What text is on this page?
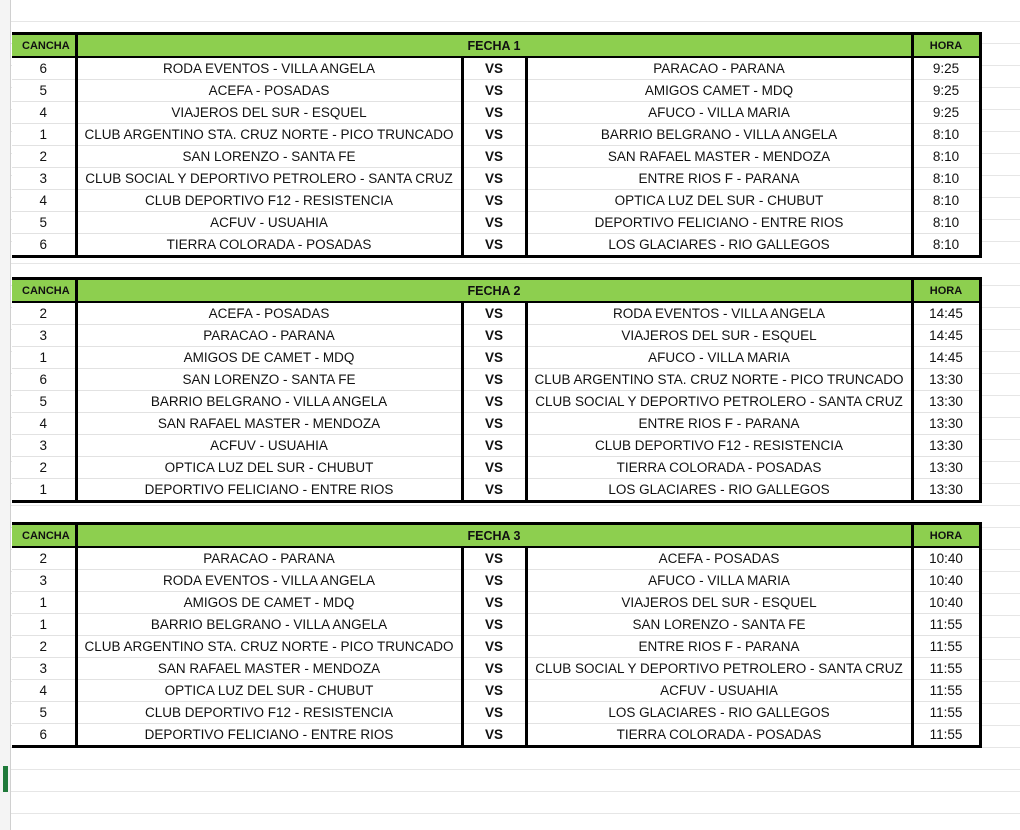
CANCHA	FECHA 1			HORA
6	RODA EVENTOS - VILLA ANGELA	VS	PARACAO - PARANA	9:25
5	ACEFA - POSADAS	VS	AMIGOS CAMET - MDQ	9:25
4	VIAJEROS DEL SUR - ESQUEL	VS	AFUCO - VILLA MARIA	9:25
1	CLUB ARGENTINO STA. CRUZ NORTE - PICO TRUNCADO	VS	BARRIO BELGRANO - VILLA ANGELA	8:10
2	SAN LORENZO - SANTA FE	VS	SAN RAFAEL MASTER - MENDOZA	8:10
3	CLUB SOCIAL Y DEPORTIVO PETROLERO - SANTA CRUZ	VS	ENTRE RIOS F - PARANA	8:10
4	CLUB DEPORTIVO F12 - RESISTENCIA	VS	OPTICA LUZ DEL SUR - CHUBUT	8:10
5	ACFUV - USUAHIA	VS	DEPORTIVO FELICIANO - ENTRE RIOS	8:10
6	TIERRA COLORADA - POSADAS	VS	LOS GLACIARES - RIO GALLEGOS	8:10
CANCHA	FECHA 2			HORA
2	ACEFA - POSADAS	VS	RODA EVENTOS - VILLA ANGELA	14:45
3	PARACAO - PARANA	VS	VIAJEROS DEL SUR - ESQUEL	14:45
1	AMIGOS DE CAMET - MDQ	VS	AFUCO - VILLA MARIA	14:45
6	SAN LORENZO - SANTA FE	VS	CLUB ARGENTINO STA. CRUZ NORTE - PICO TRUNCADO	13:30
5	BARRIO BELGRANO - VILLA ANGELA	VS	CLUB SOCIAL Y DEPORTIVO PETROLERO - SANTA CRUZ	13:30
4	SAN RAFAEL MASTER - MENDOZA	VS	ENTRE RIOS F - PARANA	13:30
3	ACFUV - USUAHIA	VS	CLUB DEPORTIVO F12 - RESISTENCIA	13:30
2	OPTICA LUZ DEL SUR - CHUBUT	VS	TIERRA COLORADA - POSADAS	13:30
1	DEPORTIVO FELICIANO - ENTRE RIOS	VS	LOS GLACIARES - RIO GALLEGOS	13:30
CANCHA	FECHA 3			HORA
2	PARACAO - PARANA	VS	ACEFA - POSADAS	10:40
3	RODA EVENTOS - VILLA ANGELA	VS	AFUCO - VILLA MARIA	10:40
1	AMIGOS DE CAMET - MDQ	VS	VIAJEROS DEL SUR - ESQUEL	10:40
1	BARRIO BELGRANO - VILLA ANGELA	VS	SAN LORENZO - SANTA FE	11:55
2	CLUB ARGENTINO STA. CRUZ NORTE - PICO TRUNCADO	VS	ENTRE RIOS F - PARANA	11:55
3	SAN RAFAEL MASTER - MENDOZA	VS	CLUB SOCIAL Y DEPORTIVO PETROLERO - SANTA CRUZ	11:55
4	OPTICA LUZ DEL SUR - CHUBUT	VS	ACFUV - USUAHIA	11:55
5	CLUB DEPORTIVO F12 - RESISTENCIA	VS	LOS GLACIARES - RIO GALLEGOS	11:55
6	DEPORTIVO FELICIANO - ENTRE RIOS	VS	TIERRA COLORADA - POSADAS	11:55
